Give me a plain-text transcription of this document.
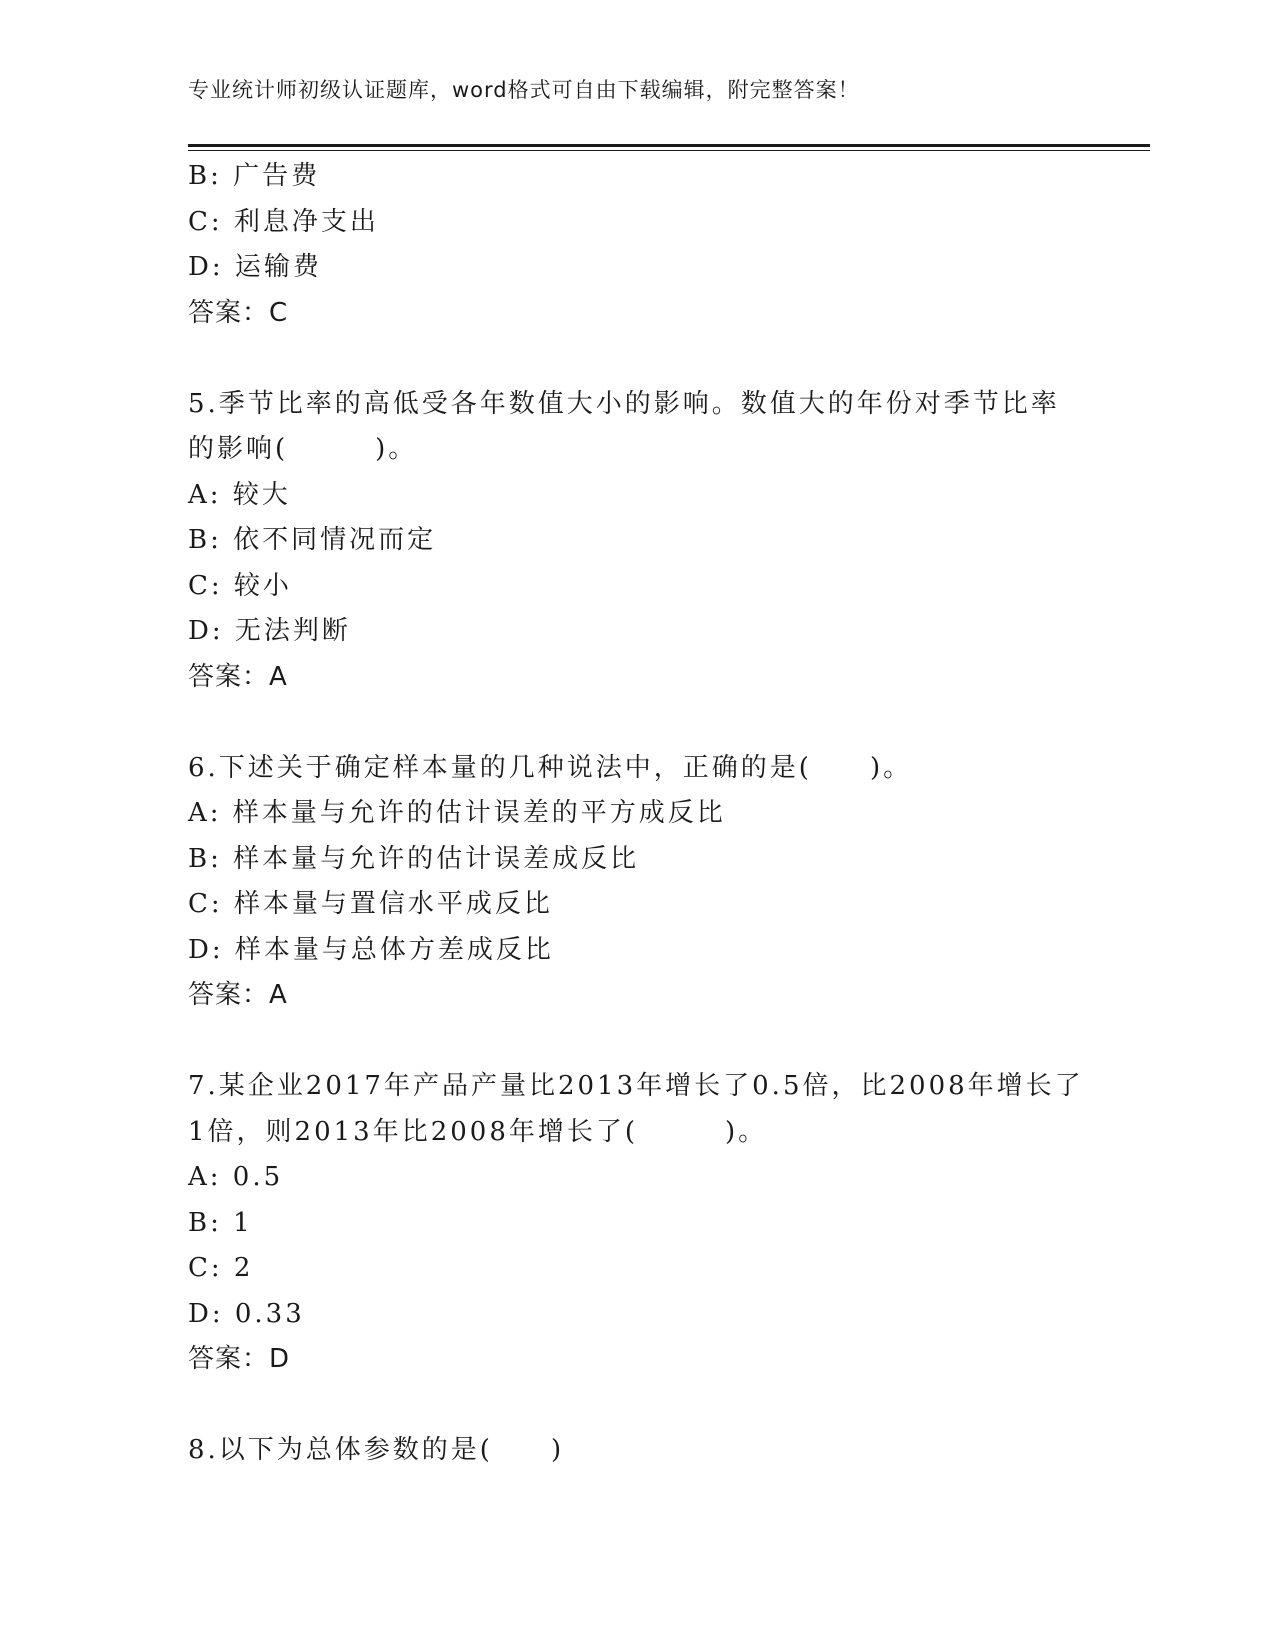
专业统计师初级认证题库，word格式可自由下载编辑，附完整答案！
B: 广告费
C: 利息净支出
D: 运输费
答案：C
5.季节比率的高低受各年数值大小的影响。数值大的年份对季节比率
的影响(　　　)。
A: 较大
B: 依不同情况而定
C: 较小
D: 无法判断
答案：A
6.下述关于确定样本量的几种说法中，正确的是(　　)。
A: 样本量与允许的估计误差的平方成反比
B: 样本量与允许的估计误差成反比
C: 样本量与置信水平成反比
D: 样本量与总体方差成反比
答案：A
7.某企业2017年产品产量比2013年增长了0.5倍，比2008年增长了
1倍，则2013年比2008年增长了(　　　)。
A: 0.5
B: 1
C: 2
D: 0.33
答案：D
8.以下为总体参数的是(　　)
